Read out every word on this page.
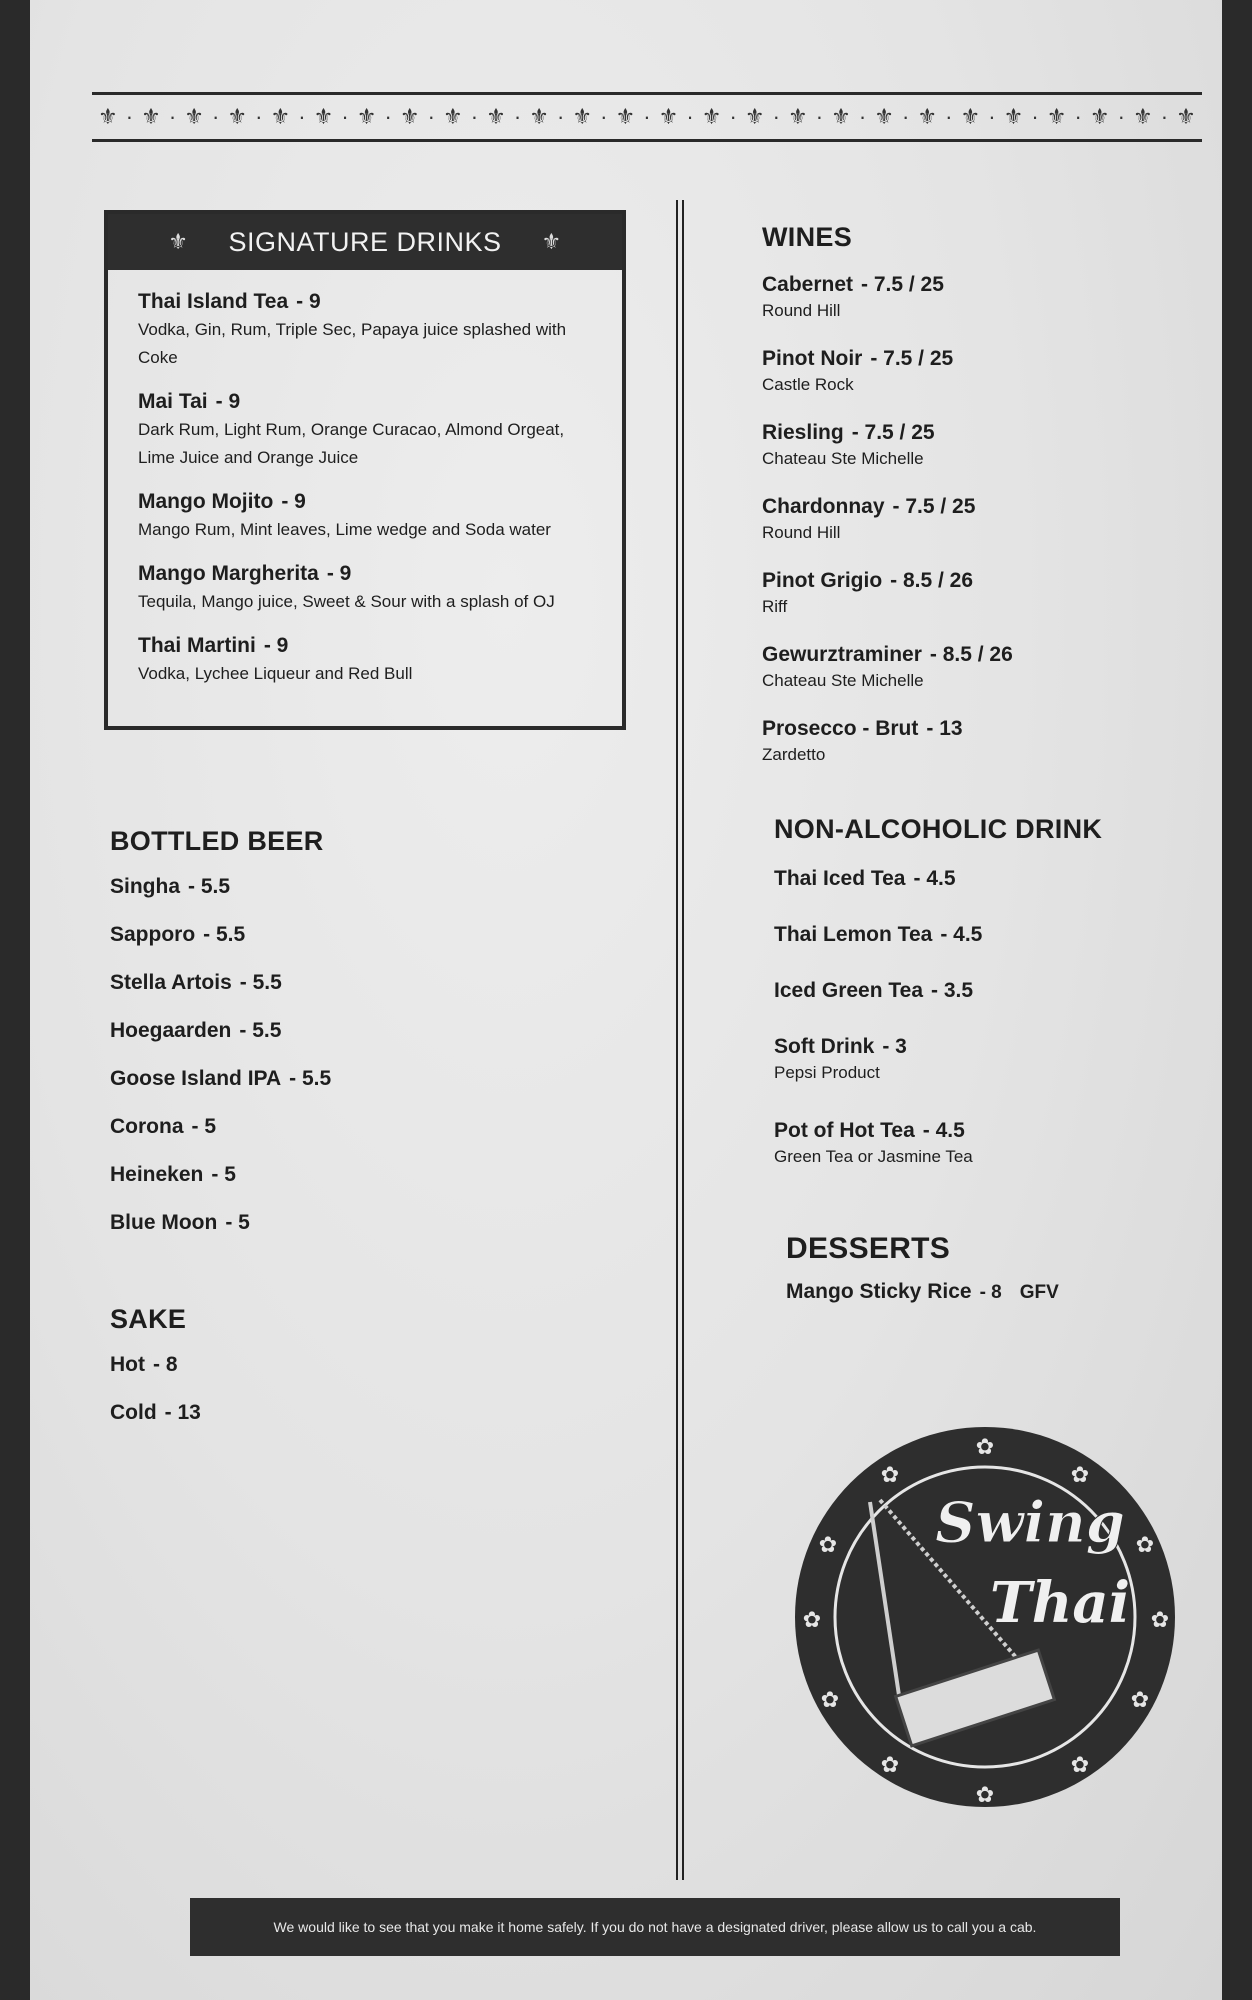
⚜ · ⚜ · ⚜ · ⚜ · ⚜ · ⚜ · ⚜ · ⚜ · ⚜ · ⚜ · ⚜ · ⚜ · ⚜ · ⚜ · ⚜ · ⚜ · ⚜ · ⚜ · ⚜ · ⚜ · ⚜ · ⚜ · ⚜ · ⚜ · ⚜ · ⚜
⚜ SIGNATURE DRINKS ⚜
Thai Island Tea - 9
Vodka, Gin, Rum, Triple Sec, Papaya juice splashed with Coke
Mai Tai - 9
Dark Rum, Light Rum, Orange Curacao, Almond Orgeat, Lime Juice and Orange Juice
Mango Mojito - 9
Mango Rum, Mint leaves, Lime wedge and Soda water
Mango Margherita - 9
Tequila, Mango juice, Sweet & Sour with a splash of OJ
Thai Martini - 9
Vodka, Lychee Liqueur and Red Bull
BOTTLED BEER
Singha - 5.5
Sapporo - 5.5
Stella Artois - 5.5
Hoegaarden - 5.5
Goose Island IPA - 5.5
Corona - 5
Heineken - 5
Blue Moon - 5
SAKE
Hot - 8
Cold - 13
WINES
Cabernet - 7.5 / 25
Round Hill
Pinot Noir - 7.5 / 25
Castle Rock
Riesling - 7.5 / 25
Chateau Ste Michelle
Chardonnay - 7.5 / 25
Round Hill
Pinot Grigio - 8.5 / 26
Riff
Gewurztraminer - 8.5 / 26
Chateau Ste Michelle
Prosecco - Brut - 13
Zardetto
NON-ALCOHOLIC DRINK
Thai Iced Tea - 4.5
Thai Lemon Tea - 4.5
Iced Green Tea - 3.5
Soft Drink - 3
Pepsi Product
Pot of Hot Tea - 4.5
Green Tea or Jasmine Tea
DESSERTS
Mango Sticky Rice - 8 GFV
✿
✿
✿
✿
✿
✿
✿
✿
✿
✿
✿
✿
Swing
Thai
We would like to see that you make it home safely. If you do not have a designated driver, please allow us to call you a cab.
